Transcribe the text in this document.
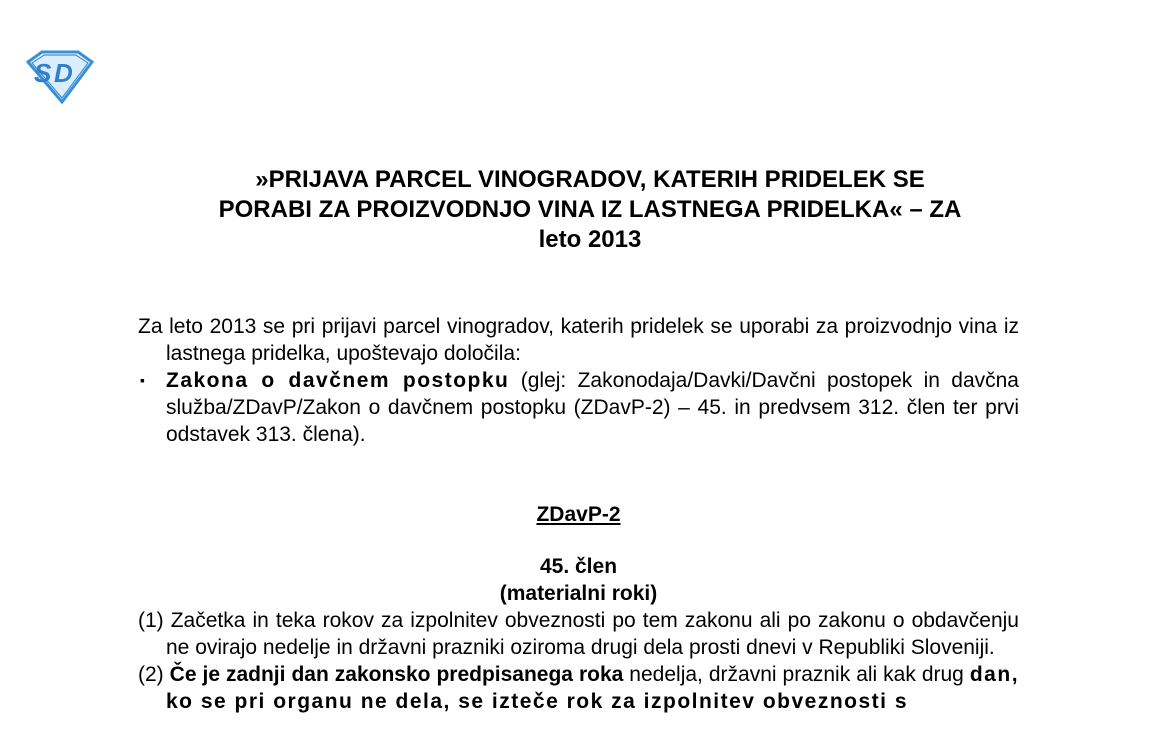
S D
»PRIJAVA PARCEL VINOGRADOV, KATERIH PRIDELEK SE
PORABI ZA PROIZVODNJO VINA IZ LASTNEGA PRIDELKA« – ZA
leto 2013

Za leto 2013 se pri prijavi parcel vinogradov, katerih pridelek se uporabi za proizvodnjo vina iz lastnega pridelka, upoštevajo določila:

▪ Zakona o davčnem postopku (glej: Zakonodaja/Davki/Davčni postopek in davčna služba/ZDavP/Zakon o davčnem postopku (ZDavP-2) – 45. in predvsem 312. člen ter prvi odstavek 313. člena).

ZDavP-2
45. člen
(materialni roki)

(1) Začetka in teka rokov za izpolnitev obveznosti po tem zakonu ali po zakonu o obdavčenju ne ovirajo nedelje in državni prazniki oziroma drugi dela prosti dnevi v Republiki Sloveniji.

(2) Če je zadnji dan zakonsko predpisanega roka nedelja, državni praznik ali kak drug dan, ko se pri organu ne dela, se izteče rok za izpolnitev obveznosti s
